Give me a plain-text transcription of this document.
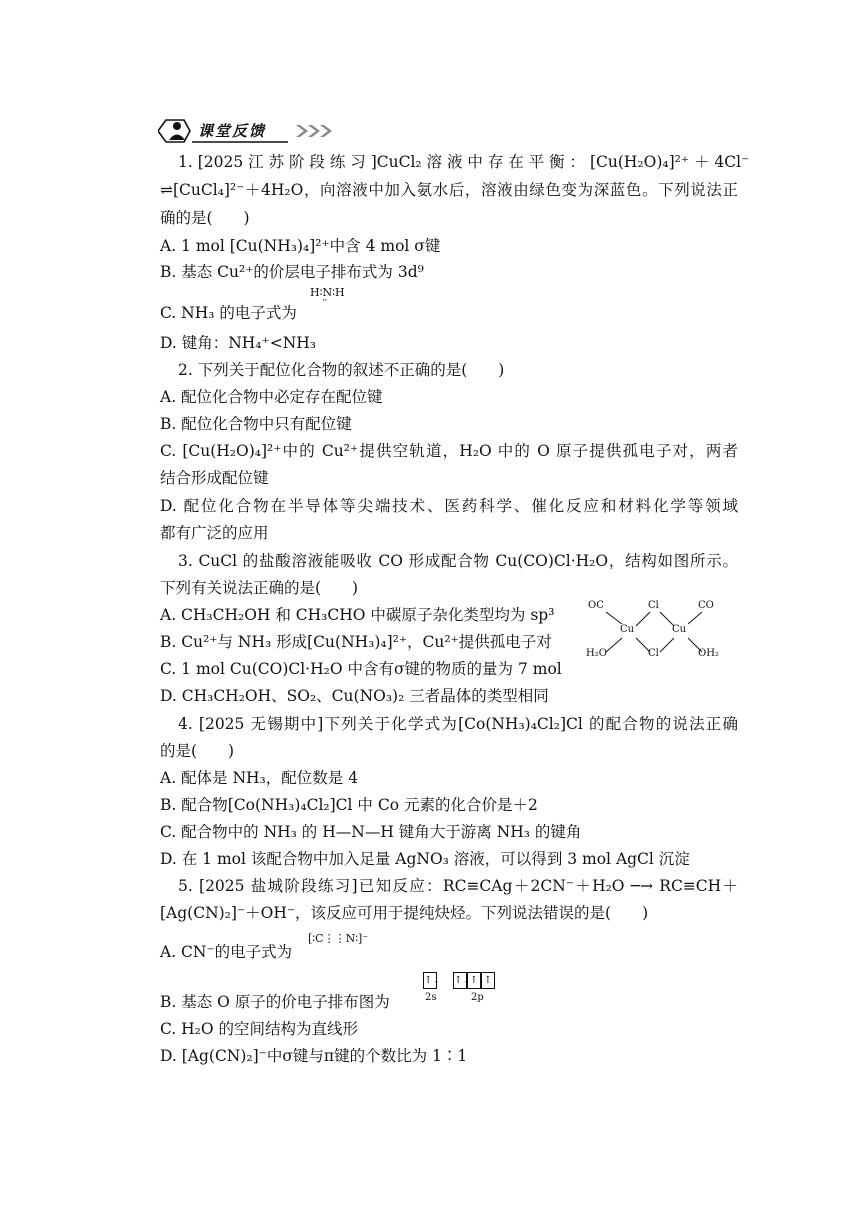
课堂反馈
1. [2025 江 苏 阶 段 练 习 ]CuCl₂ 溶 液 中 存 在 平 衡 ： [Cu(H₂O)₄]²⁺ ＋ 4Cl⁻
⇌[CuCl₄]²⁻＋4H₂O，向溶液中加入氨水后，溶液由绿色变为深蓝色。下列说法正
确的是(　　)
A. 1 mol [Cu(NH₃)₄]²⁺中含 4 mol σ键
B. 基态 Cu²⁺的价层电子排布式为 3d⁹
C. NH₃ 的电子式为
H∶N∶H
¨
D. 键角：NH₄⁺<NH₃
2. 下列关于配位化合物的叙述不正确的是(　　)
A. 配位化合物中必定存在配位键
B. 配位化合物中只有配位键
C. [Cu(H₂O)₄]²⁺中的 Cu²⁺提供空轨道，H₂O 中的 O 原子提供孤电子对，两者
结合形成配位键
D. 配位化合物在半导体等尖端技术、医药科学、催化反应和材料化学等领域
都有广泛的应用
3. CuCl 的盐酸溶液能吸收 CO 形成配合物 Cu(CO)Cl·H₂O，结构如图所示。
下列有关说法正确的是(　　)
A. CH₃CH₂OH 和 CH₃CHO 中碳原子杂化类型均为 sp³
B. Cu²⁺与 NH₃ 形成[Cu(NH₃)₄]²⁺，Cu²⁺提供孤电子对
C. 1 mol Cu(CO)Cl·H₂O 中含有σ键的物质的量为 7 mol
D. CH₃CH₂OH、SO₂、Cu(NO₃)₂ 三者晶体的类型相同
OC	Cl	CO
Cu	Cu
H₂O	Cl	OH₂
4. [2025 无锡期中]下列关于化学式为[Co(NH₃)₄Cl₂]Cl 的配合物的说法正确
的是(　　)
A. 配体是 NH₃，配位数是 4
B. 配合物[Co(NH₃)₄Cl₂]Cl 中 Co 元素的化合价是＋2
C. 配合物中的 NH₃ 的 H—N—H 键角大于游离 NH₃ 的键角
D. 在 1 mol 该配合物中加入足量 AgNO₃ 溶液，可以得到 3 mol AgCl 沉淀
5. [2025 盐城阶段练习]已知反应：RC≡CAg＋2CN⁻＋H₂O ─→ RC≡CH＋
[Ag(CN)₂]⁻＋OH⁻，该反应可用于提纯炔烃。下列说法错误的是(　　)
A. CN⁻的电子式为
[∶C⋮⋮N∶]⁻
B. 基态 O 原子的价电子排布图为
↑↓ ↑↓ ↑ ↑
2s	2p
C. H₂O 的空间结构为直线形
D. [Ag(CN)₂]⁻中σ键与π键的个数比为 1∶1
